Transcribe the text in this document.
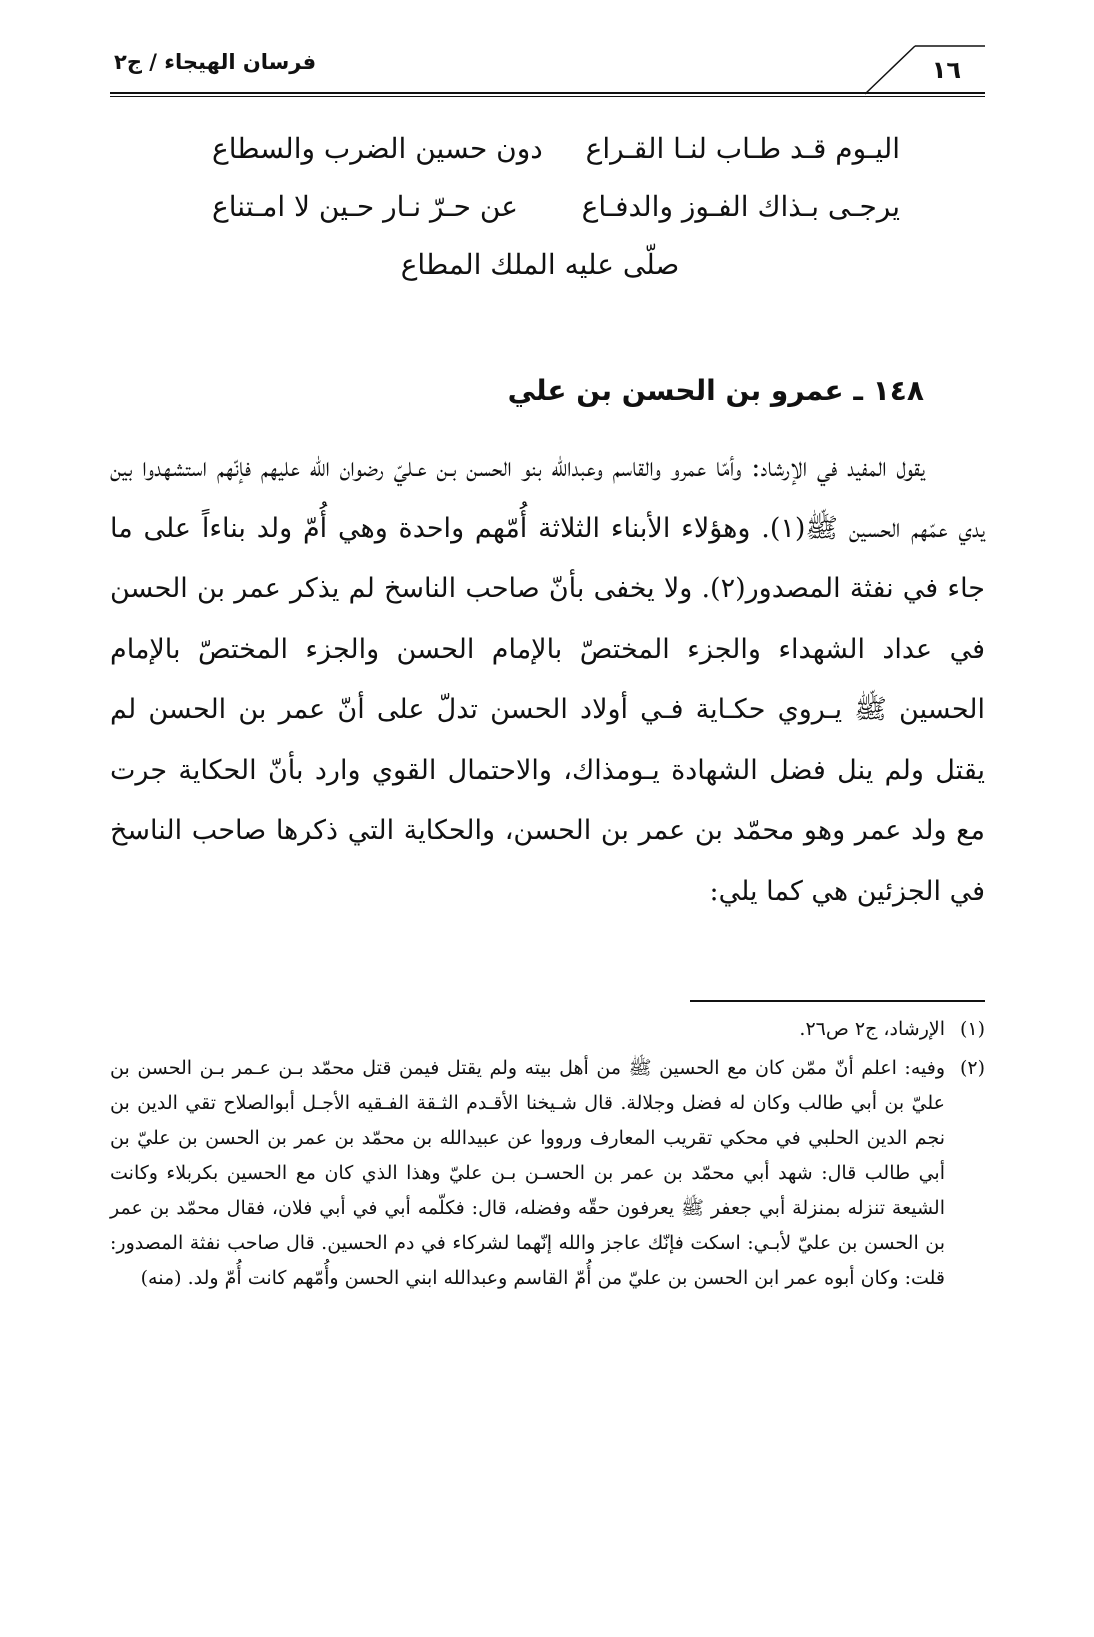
فرسان الهيجاء / ج٢	١٦
اليـوم قـد طـاب لنـا القـراع
دون حسين الضرب والسطاع
يرجـى بـذاك الفـوز والدفـاع
عن حـرّ نـار حـين لا امـتناع
صلّى عليه الملك المطاع
١٤٨ ـ عمرو بن الحسن بن علي

يقول المفيد في الإرشاد: وأمّا عمرو والقاسم وعبدالله بنو الحسن بـن عـليّ رضوان الله عليهم فإنّهم استشهدوا بين يدي عمّهم الحسين ﷺ(١). وهؤلاء الأبناء الثلاثة أُمّهم واحدة وهي أُمّ ولد بناءاً على ما جاء في نفثة المصدور(٢). ولا يخفى بأنّ صاحب الناسخ لم يذكر عمر بن الحسن في عداد الشهداء والجزء المختصّ بالإمام الحسن والجزء المختصّ بالإمام الحسين ﷺ يـروي حكـاية فـي أولاد الحسن تدلّ على أنّ عمر بن الحسن لم يقتل ولم ينل فضل الشهادة يـومذاك، والاحتمال القوي وارد بأنّ الحكاية جرت مع ولد عمر وهو محمّد بن عمر بن الحسن، والحكاية التي ذكرها صاحب الناسخ في الجزئين هي كما يلي:

(١)
الإرشاد، ج٢ ص٢٦.
(٢)
وفيه: اعلم أنّ ممّن كان مع الحسين ﷺ من أهل بيته ولم يقتل فيمن قتل محمّد بـن عـمر بـن الحسن بن عليّ بن أبي طالب وكان له فضل وجلالة. قال شـيخنا الأقـدم الثـقة الفـقيه الأجـل أبوالصلاح تقي الدين بن نجم الدين الحلبي في محكي تقريب المعارف ورووا عن عبيدالله بن محمّد بن عمر بن الحسن بن عليّ بن أبي طالب قال: شهد أبي محمّد بن عمر بن الحسـن بـن عليّ وهذا الذي كان مع الحسين بكربلاء وكانت الشيعة تنزله بمنزلة أبي جعفر ﷺ يعرفون حقّه وفضله، قال: فكلّمه أبي في أبي فلان، فقال محمّد بن عمر بن الحسن بن عليّ لأبـي: اسكت فإنّك عاجز والله إنّهما لشركاء في دم الحسين. قال صاحب نفثة المصدور: قلت: وكان أبوه عمر ابن الحسن بن عليّ من أُمّ القاسم وعبدالله ابني الحسن وأُمّهم كانت أُمّ ولد. (منه)
